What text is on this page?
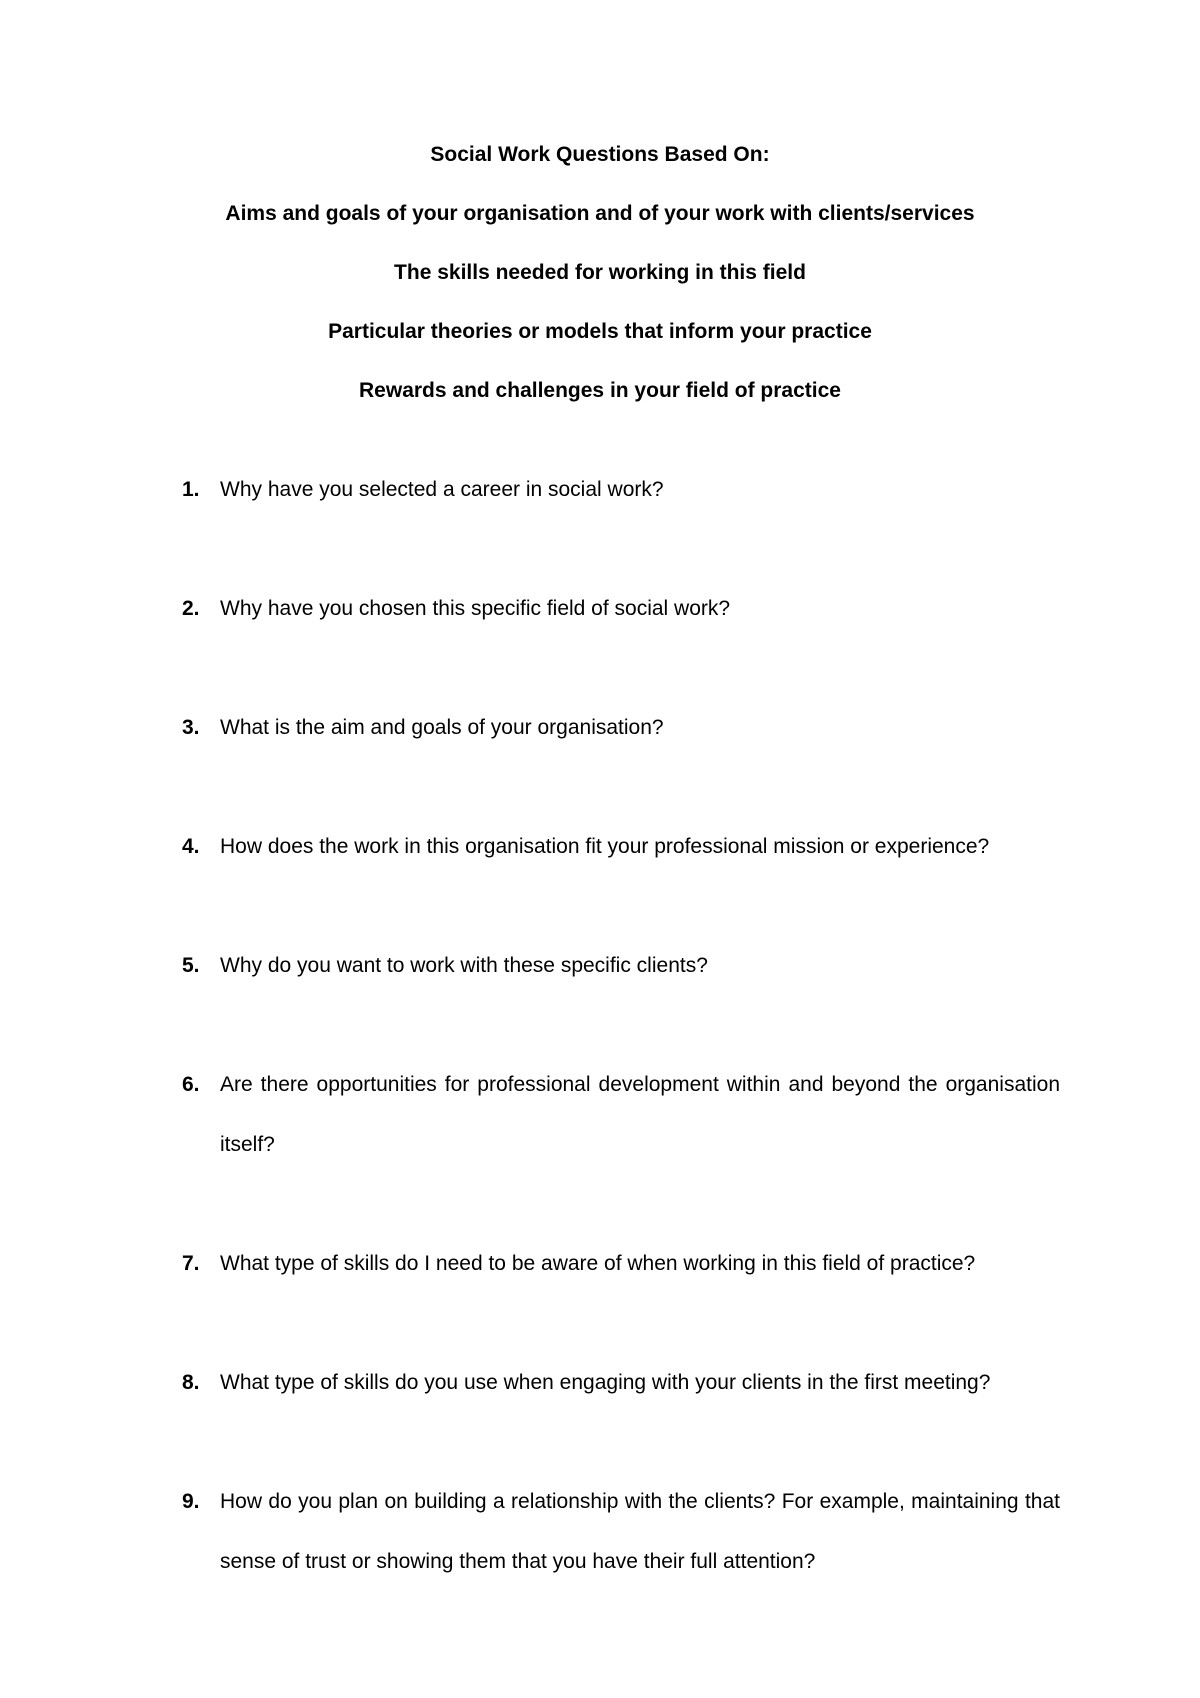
Social Work Questions Based On:
Aims and goals of your organisation and of your work with clients/services
The skills needed for working in this field
Particular theories or models that inform your practice
Rewards and challenges in your field of practice
1. Why have you selected a career in social work?
2. Why have you chosen this specific field of social work?
3. What is the aim and goals of your organisation?
4. How does the work in this organisation fit your professional mission or experience?
5. Why do you want to work with these specific clients?
6. Are there opportunities for professional development within and beyond the organisation itself?
7. What type of skills do I need to be aware of when working in this field of practice?
8. What type of skills do you use when engaging with your clients in the first meeting?
9. How do you plan on building a relationship with the clients? For example, maintaining that sense of trust or showing them that you have their full attention?
